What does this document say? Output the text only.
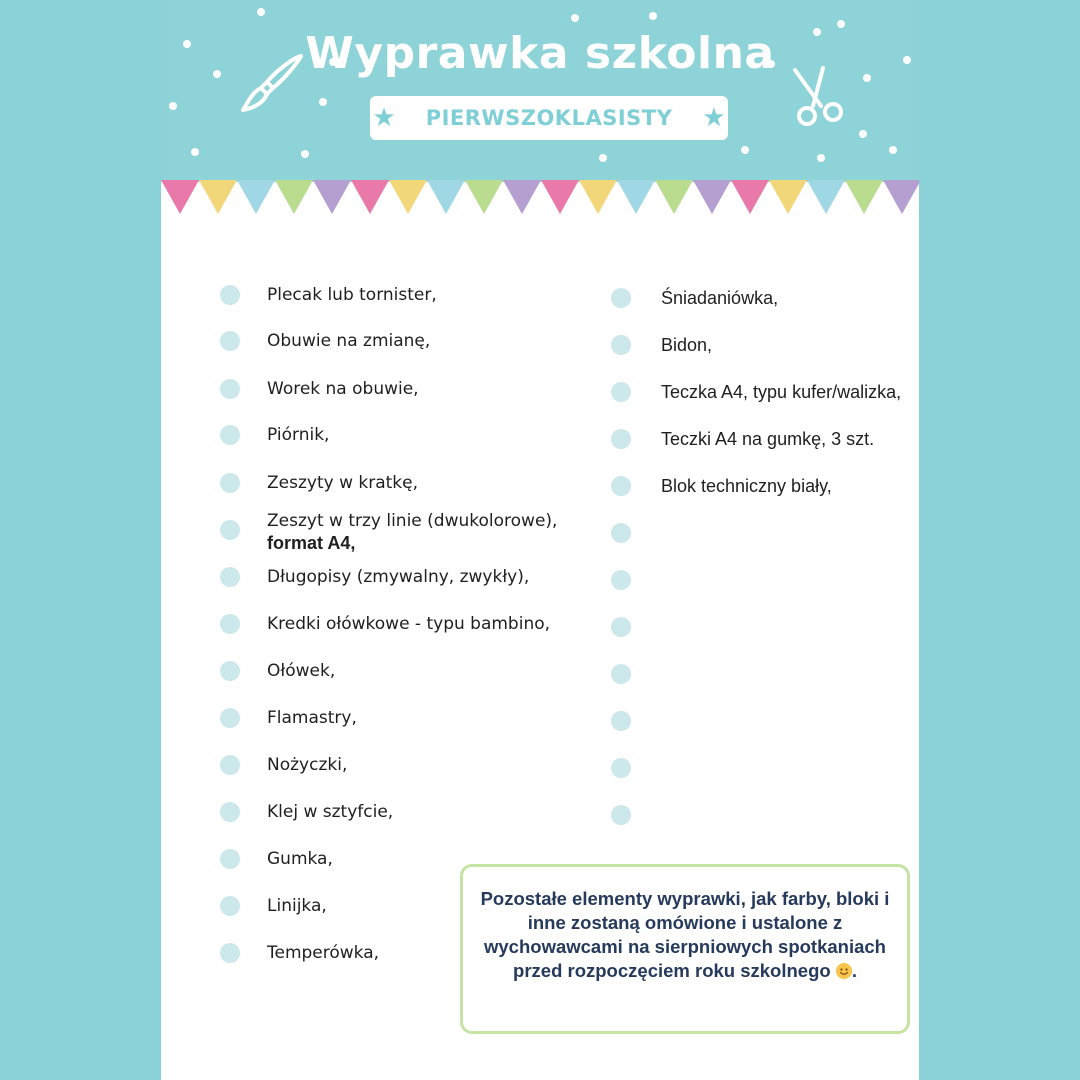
Wyprawka szkolna
★ PIERWSZOKLASISTY ★
Plecak lub tornister,
Obuwie na zmianę,
Worek na obuwie,
Piórnik,
Zeszyty w kratkę,
Zeszyt w trzy linie (dwukolorowe),
format A4,
Długopisy (zmywalny, zwykły),
Kredki ołówkowe - typu bambino,
Ołówek,
Flamastry,
Nożyczki,
Klej w sztyfcie,
Gumka,
Linijka,
Temperówka,
Śniadaniówka,
Bidon,
Teczka A4, typu kufer/walizka,
Teczki A4 na gumkę, 3 szt.
Blok techniczny biały,
Pozostałe elementy wyprawki, jak farby, bloki i inne zostaną omówione i ustalone z wychowawcami na sierpniowych spotkaniach przed rozpoczęciem roku szkolnego .
